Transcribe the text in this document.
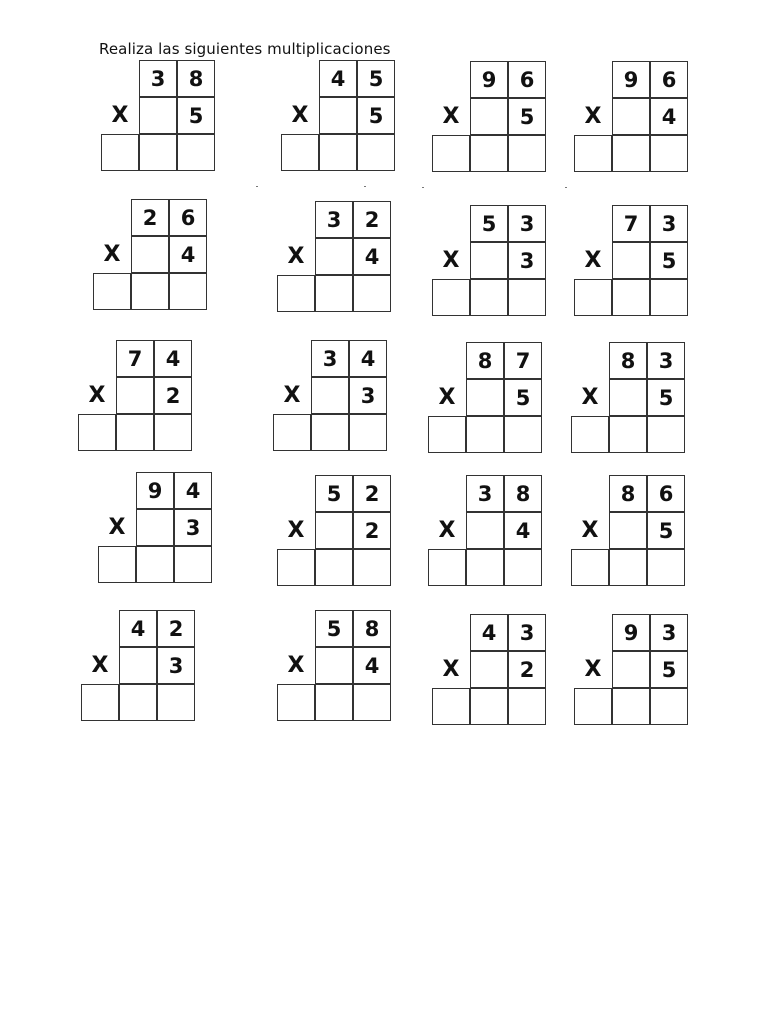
Realiza las siguientes multiplicaciones
3	8
5
X
4	5
5
X
9	6
5
X
9	6
4
X
2	6
4
X
3	2
4
X
5	3
3
X
7	3
5
X
7	4
2
X
3	4
3
X
8	7
5
X
8	3
5
X
9	4
3
X
5	2
2
X
3	8
4
X
8	6
5
X
4	2
3
X
5	8
4
X
4	3
2
X
9	3
5
X
